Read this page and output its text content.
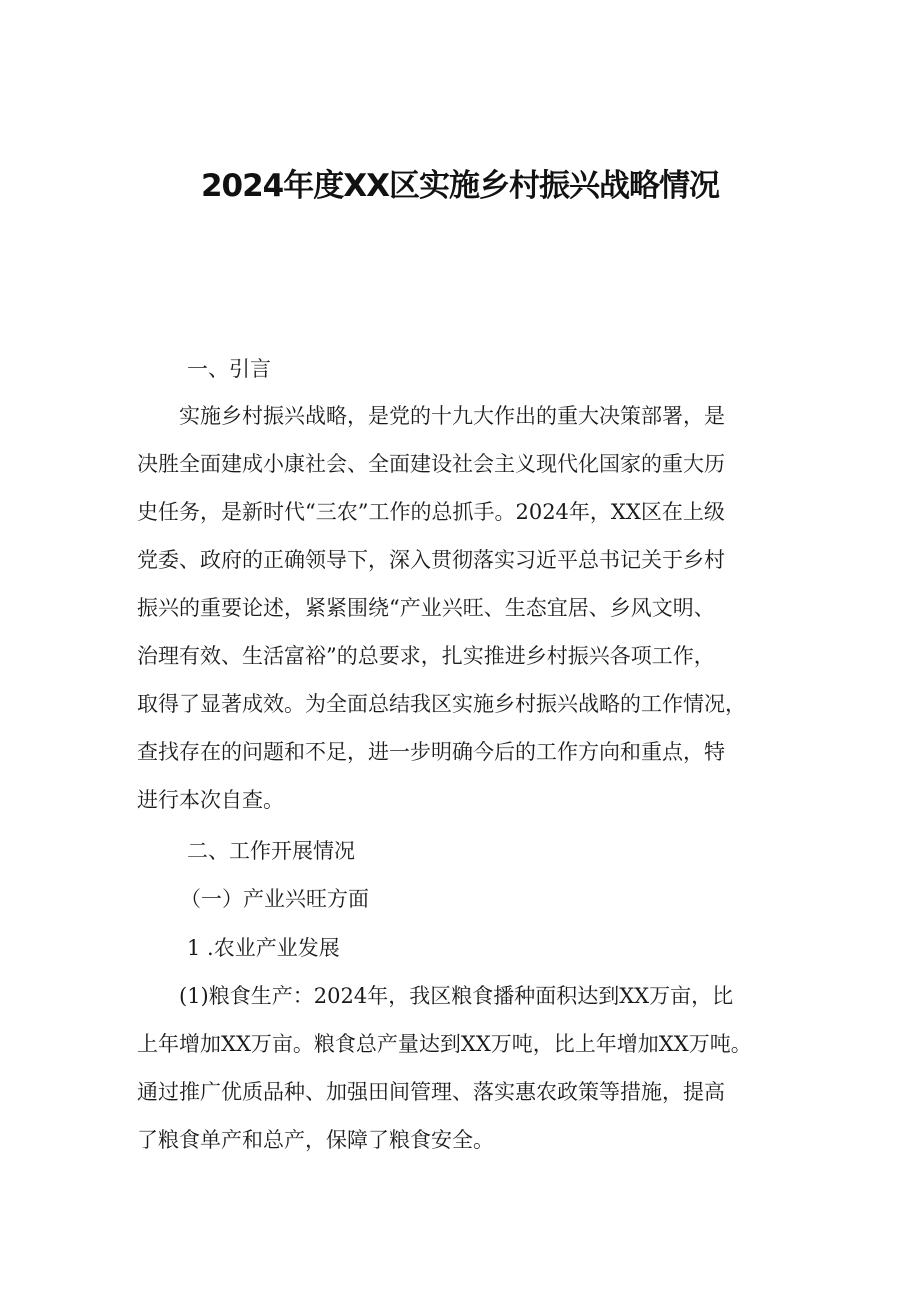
2024年度XX区实施乡村振兴战略情况
一、引言
实施乡村振兴战略，是党的十九大作出的重大决策部署，是
决胜全面建成小康社会、全面建设社会主义现代化国家的重大历
史任务，是新时代“三农”工作的总抓手。2024年，XX区在上级
党委、政府的正确领导下，深入贯彻落实习近平总书记关于乡村
振兴的重要论述，紧紧围绕“产业兴旺、生态宜居、乡风文明、
治理有效、生活富裕”的总要求，扎实推进乡村振兴各项工作，
取得了显著成效。为全面总结我区实施乡村振兴战略的工作情况，
查找存在的问题和不足，进一步明确今后的工作方向和重点，特
进行本次自查。
二、工作开展情况
（一）产业兴旺方面
1 .农业产业发展
(1)粮食生产：2024年，我区粮食播种面积达到XX万亩，比
上年增加XX万亩。粮食总产量达到XX万吨，比上年增加XX万吨。
通过推广优质品种、加强田间管理、落实惠农政策等措施，提高
了粮食单产和总产，保障了粮食安全。
